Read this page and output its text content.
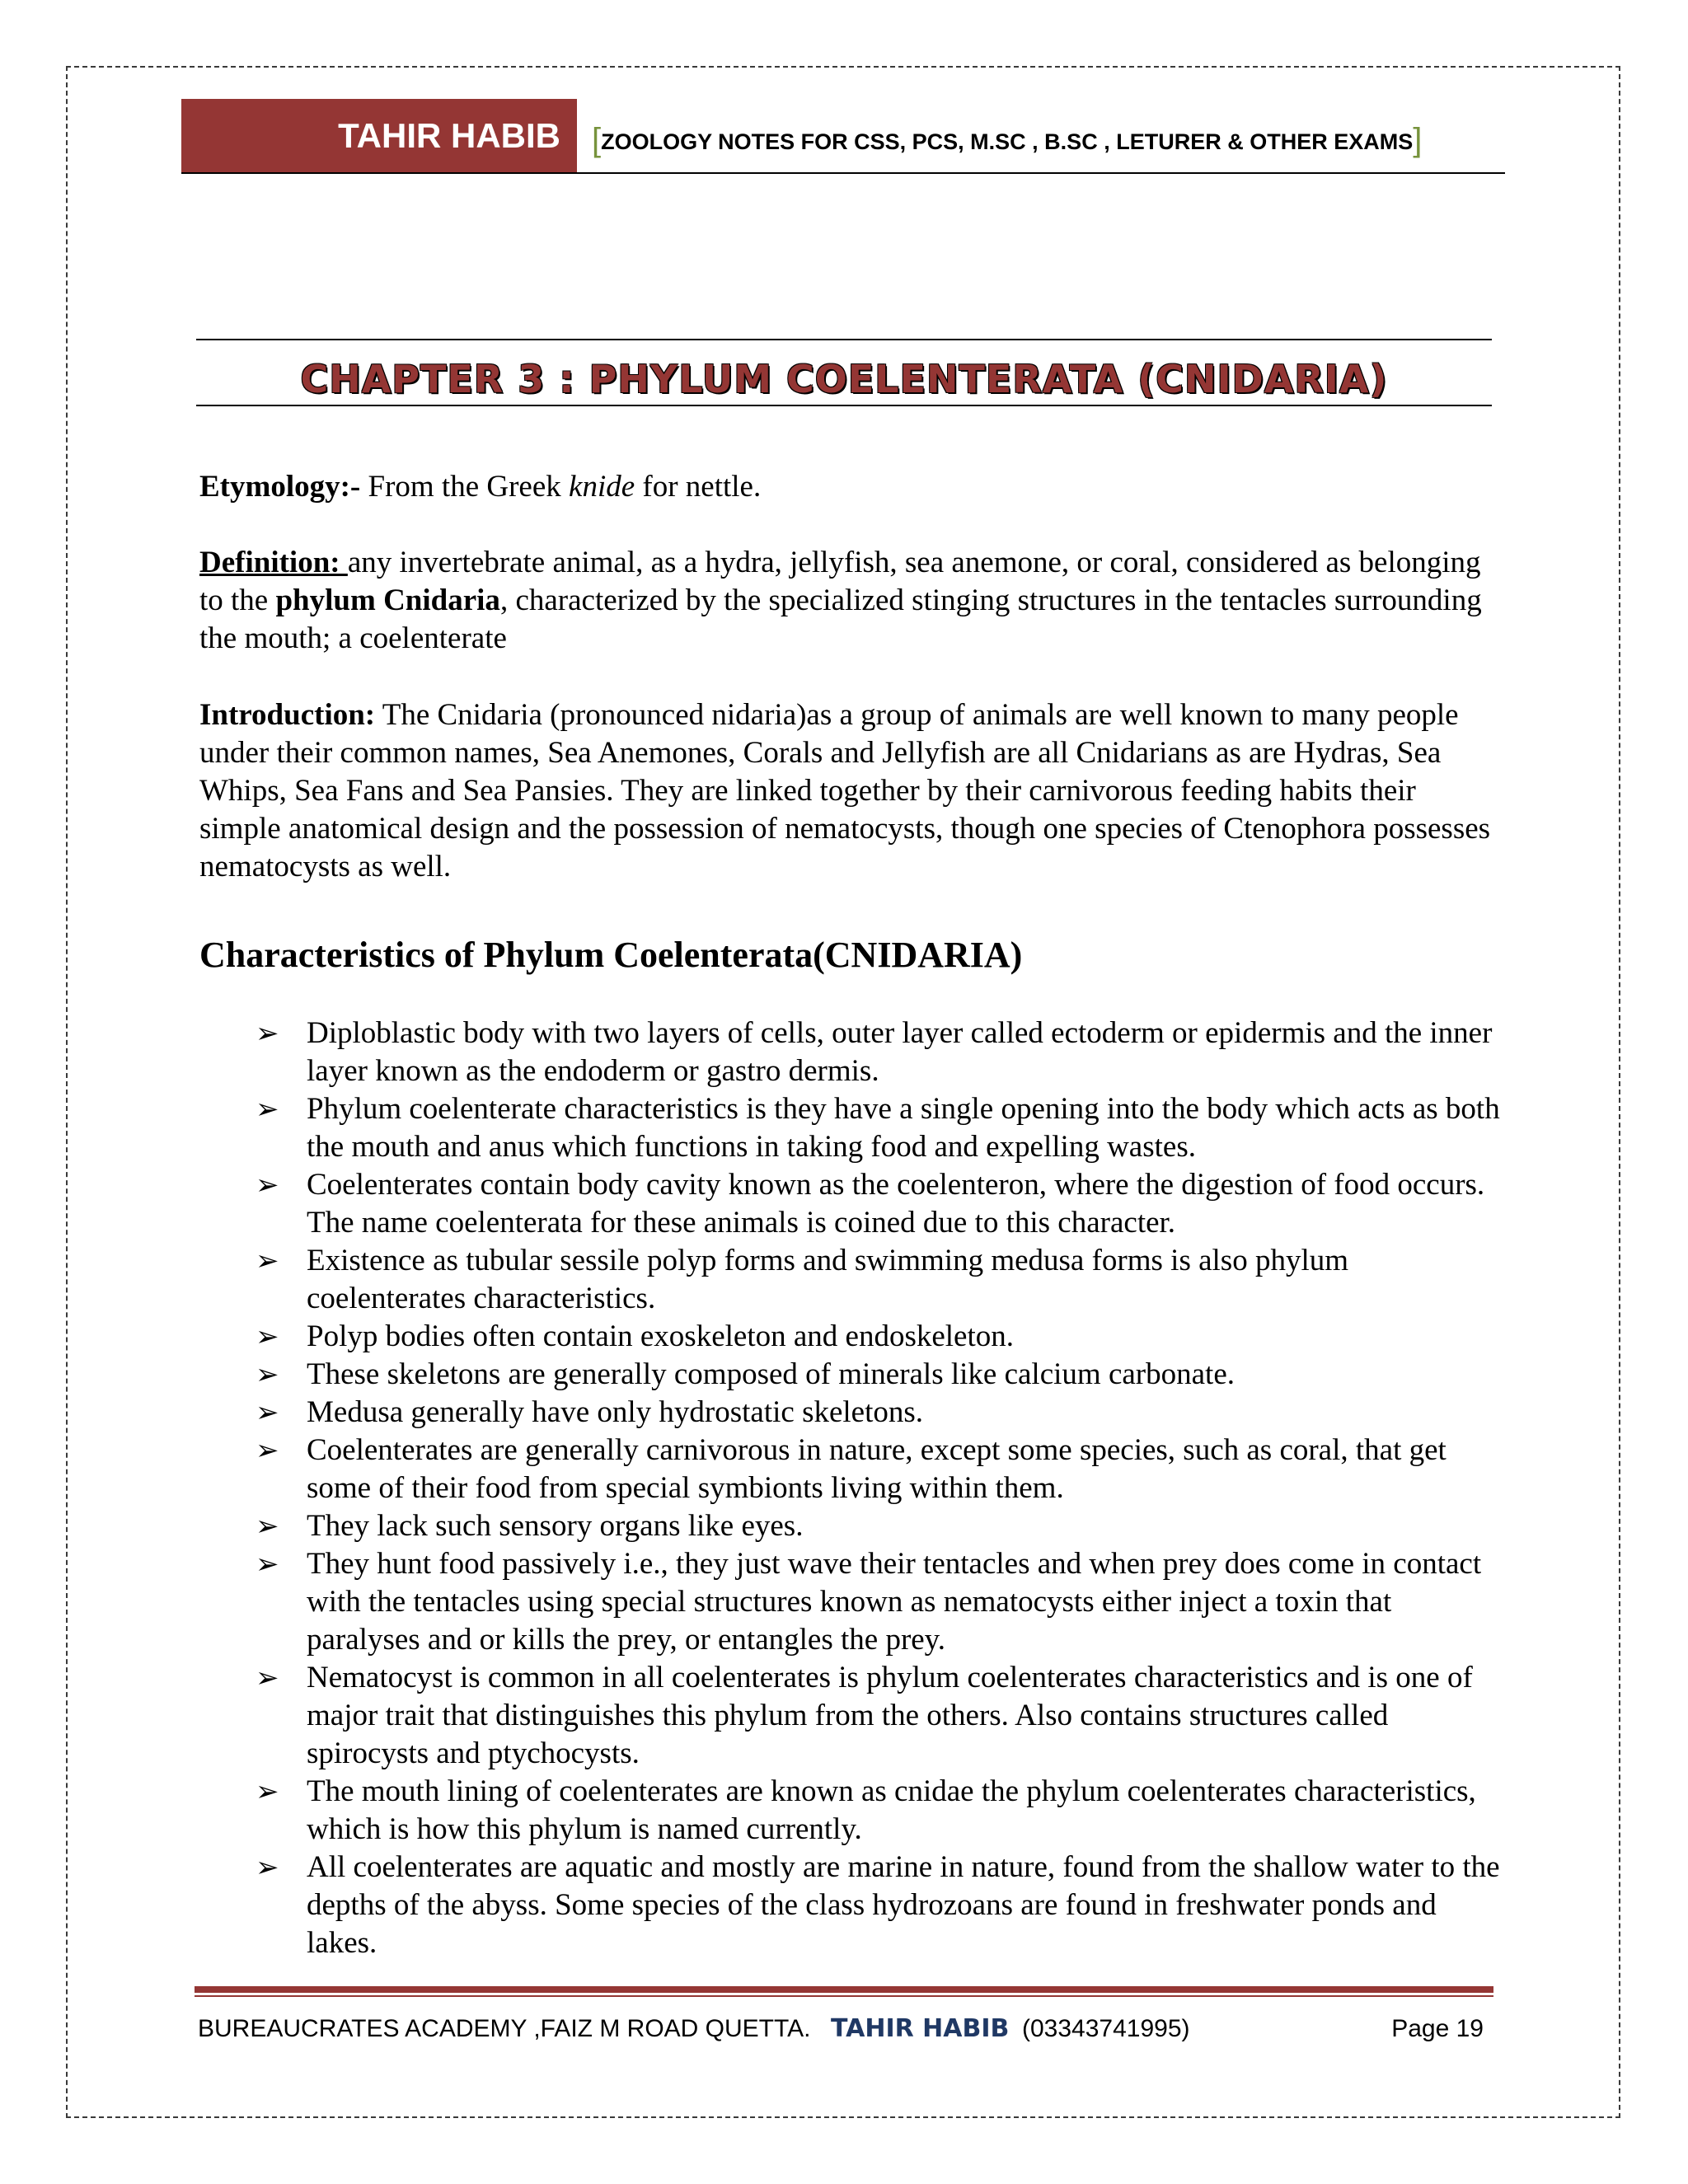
TAHIR HABIB [ZOOLOGY NOTES FOR CSS, PCS, M.SC , B.SC , LETURER & OTHER EXAMS]
CHAPTER 3 : PHYLUM COELENTERATA (CNIDARIA)
Etymology:- From the Greek knide for nettle.
Definition: any invertebrate animal, as a hydra, jellyfish, sea anemone, or coral, considered as belonging to the phylum Cnidaria, characterized by the specialized stinging structures in the tentacles surrounding the mouth; a coelenterate
Introduction: The Cnidaria (pronounced nidaria)as a group of animals are well known to many people under their common names, Sea Anemones, Corals and Jellyfish are all Cnidarians as are Hydras, Sea Whips, Sea Fans and Sea Pansies. They are linked together by their carnivorous feeding habits their simple anatomical design and the possession of nematocysts, though one species of Ctenophora possesses nematocysts as well.
Characteristics of Phylum Coelenterata(CNIDARIA)
➢ Diploblastic body with two layers of cells, outer layer called ectoderm or epidermis and the inner layer known as the endoderm or gastro dermis.
➢ Phylum coelenterate characteristics is they have a single opening into the body which acts as both the mouth and anus which functions in taking food and expelling wastes.
➢ Coelenterates contain body cavity known as the coelenteron, where the digestion of food occurs. The name coelenterata for these animals is coined due to this character.
➢ Existence as tubular sessile polyp forms and swimming medusa forms is also phylum coelenterates characteristics.
➢ Polyp bodies often contain exoskeleton and endoskeleton.
➢ These skeletons are generally composed of minerals like calcium carbonate.
➢ Medusa generally have only hydrostatic skeletons.
➢ Coelenterates are generally carnivorous in nature, except some species, such as coral, that get some of their food from special symbionts living within them.
➢ They lack such sensory organs like eyes.
➢ They hunt food passively i.e., they just wave their tentacles and when prey does come in contact with the tentacles using special structures known as nematocysts either inject a toxin that paralyses and or kills the prey, or entangles the prey.
➢ Nematocyst is common in all coelenterates is phylum coelenterates characteristics and is one of major trait that distinguishes this phylum from the others. Also contains structures called spirocysts and ptychocysts.
➢ The mouth lining of coelenterates are known as cnidae the phylum coelenterates characteristics, which is how this phylum is named currently.
➢ All coelenterates are aquatic and mostly are marine in nature, found from the shallow water to the depths of the abyss. Some species of the class hydrozoans are found in freshwater ponds and lakes.
BUREAUCRATES ACADEMY ,FAIZ M ROAD QUETTA. TAHIR HABIB (03343741995)	Page 19
